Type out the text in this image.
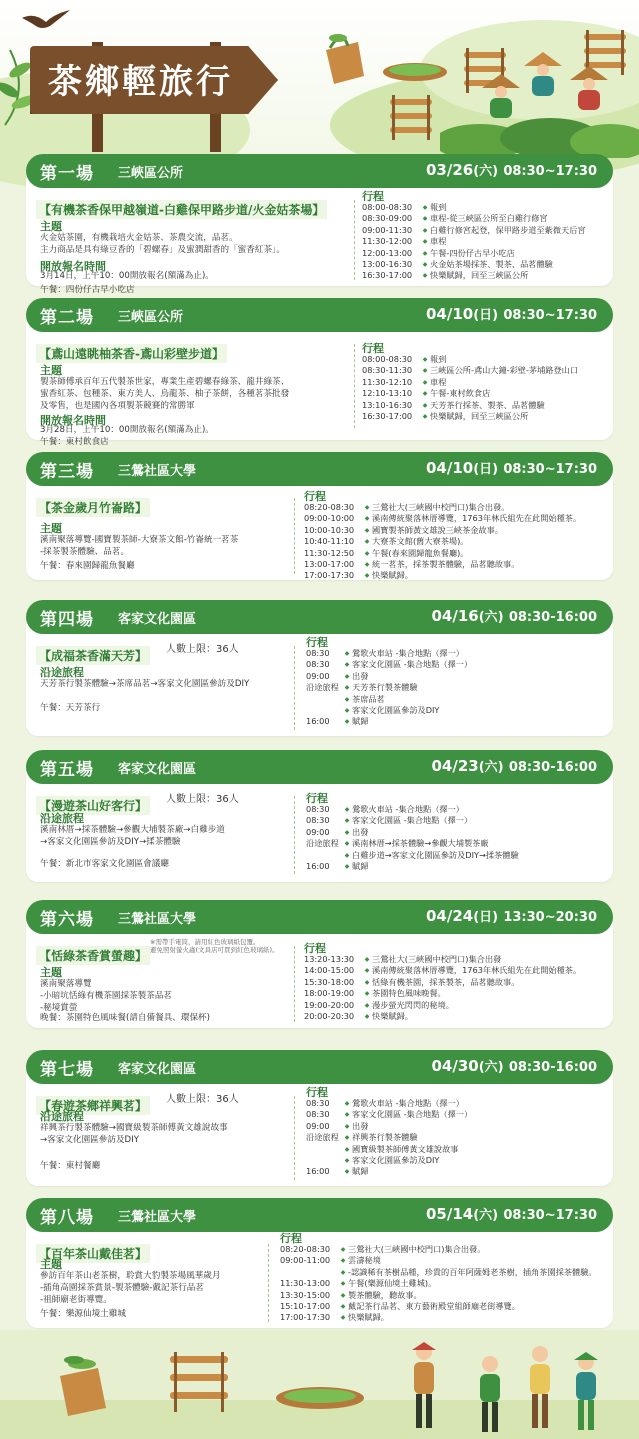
茶鄉輕旅行
第一場 三峽區公所	03/26(六) 08:30~17:30
【有機茶香保甲越嶺道-白雞保甲路步道/火金姑茶場】
主題
火金姑茶園，有機栽培火金姑茶、茶農交流，品茗。
主力商品是具有綠豆香的「碧螺春」及蜜潤甜香的「蜜香紅茶」。
開放報名時間
3月14日，上午10：00開放報名(額滿為止)。
午餐：四份仔古早小吃店
行程
08:00-08:30	◆ 報到
08:30-09:00	◆ 車程-從三峽區公所至白雞行修宮
09:00-11:30	◆ 白雞行修宮起登，保甲路步道至紫微天后宮
11:30-12:00	◆ 車程
12:00-13:00	◆ 午餐-四份仔古早小吃店
13:00-16:30	◆ 火金姑茶場採茶、製茶、品茗體驗
16:30-17:00	◆ 快樂賦歸，回至三峽區公所
第二場 三峽區公所	04/10(日) 08:30~17:30
【鳶山遠眺柚茶香-鳶山彩壁步道】
主題
製茶師傅承百年五代製茶世家，專業生產碧螺春綠茶、龍井綠茶、
蜜香紅茶、包種茶、東方美人、烏龍茶、柚子茶餅，各種茗茶批發
及零售，也是國內各項製茶競賽的常勝軍
開放報名時間
3月28日，上午10：00開放報名(額滿為止)。
午餐：東村飲食店
行程
08:00-08:30	◆ 報到
08:30-11:30	◆ 三峽區公所-鳶山大鐘-彩壁-茅埔路登山口
11:30-12:10	◆ 車程
12:10-13:10	◆ 午餐-東村飲食店
13:10-16:30	◆ 天芳茶行採茶、製茶、品茗體驗
16:30-17:00	◆ 快樂賦歸，回至三峽區公所
第三場 三鶯社區大學	04/10(日) 08:30~17:30
【茶金歲月竹崙路】
主題
溪南聚落導覽-國寶製茶師-大寮茶文館-竹崙統一茗茶
-採茶製茶體驗、品茗。
午餐：春來園歸龍魚餐廳
行程
08:20-08:30	◆ 三鶯社大(三峽國中校門口)集合出發。
09:00-10:00	◆ 溪南傳統聚落林厝導覽，1763年林氏組先在此開始種茶。
10:00-10:30	◆ 國寶製茶師黃文雄說三峽茶金故事。
10:40-11:10	◆ 大寮茶文館(舊大寮茶場)。
11:30-12:50	◆ 午餐(春來園歸龍魚餐廳)。
13:00-17:00	◆ 統一茗茶，採茶製茶體驗，品茗聽故事。
17:00-17:30	◆ 快樂賦歸。
第四場 客家文化園區	04/16(六) 08:30-16:00
【成福茶香滿天芳】	人數上限：36人
沿途旅程
天芳茶行製茶體驗→茶席品茗→客家文化園區參訪及DIY
午餐：天芳茶行
行程
08:30	◆ 鶯歌火車站 -集合地點（擇一）
08:30	◆ 客家文化園區 -集合地點（擇一）
09:00	◆ 出發
沿途旅程 ◆ 天芳茶行製茶體驗
◆ 茶席品茗
◆ 客家文化園區參訪及DIY
16:00	◆ 賦歸
第五場 客家文化園區	04/23(六) 08:30-16:00
【漫遊茶山好客行】	人數上限：36人
沿途旅程
溪南林厝→採茶體驗→參觀大埔製茶廠→白雞步道
→客家文化園區參訪及DIY→揉茶體驗
午餐：新北市客家文化園區會議廳
行程
08:30	◆ 鶯歌火車站 -集合地點（擇一）
08:30	◆ 客家文化園區 -集合地點（擇一）
09:00	◆ 出發
沿途旅程 ◆ 溪南林厝→採茶體驗→參觀大埔製茶廠
◆ 白雞步道→客家文化園區參訪及DIY→揉茶體驗
16:00	◆ 賦歸
第六場 三鶯社區大學	04/24(日) 13:30~20:30
【恬綠茶香賞螢趣】
※需帶手電筒，請用紅色玻璃紙包覆。
避免照射螢火蟲(文具店可買到紅色玻璃紙)。
主題
溪南聚落導覽
-小暗坑恬綠有機茶園採茶製茶品茗
-秘境賞螢
晚餐：茶園特色風味餐(請自備餐具、環保杯)
行程
13:20-13:30	◆ 三鶯社大(三峽國中校門口)集合出發
14:00-15:00	◆ 溪南傳統聚落林厝導覽，1763年林氏組先在此開始種茶。
15:30-18:00	◆ 恬綠有機茶園，採茶製茶，品茗聽故事。
18:00-19:00	◆ 茶園特色風味晚餐。
19:00-20:00	◆ 漫步螢光閃閃的秘境。
20:00-20:30	◆ 快樂賦歸。
第七場 客家文化園區	04/30(六) 08:30-16:00
【春遊茶鄉祥興茗】	人數上限：36人
沿途旅程
祥興茶行製茶體驗→國寶級製茶師傅黃文雄說故事
→客家文化園區參訪及DIY
午餐：東村餐廳
行程
08:30	◆ 鶯歌火車站 -集合地點（擇一）
08:30	◆ 客家文化園區 -集合地點（擇一）
09:00	◆ 出發
沿途旅程 ◆ 祥興茶行製茶體驗
◆ 國寶級製茶師傅黃文雄說故事
◆ 客家文化園區參訪及DIY
16:00	◆ 賦歸
第八場 三鶯社區大學	05/14(六) 08:30~17:30
【百年茶山戴佳茗】
主題
參訪百年茶山老茶樹，聆賞大豹製茶場風華歲月
-插角高園採茶賞景-製茶體驗-戴記茶行品茗
-祖師廟老街導覽。
午餐：樂源仙境土雞城
行程
08:20-08:30	◆ 三鶯社大(三峽國中校門口)集合出發。
09:00-11:00	◆ 雲濤秘境
◆ -認識稀有茶樹品種，珍貴的百年阿薩姆老茶樹，插角茶園採茶體驗。
11:30-13:00	◆ 午餐(樂源仙境土雞城)。
13:30-15:00	◆ 製茶體驗，聽故事。
15:10-17:00	◆ 戴記茶行品茗、東方藝術殿堂組師廟老街導覽。
17:00-17:30	◆ 快樂賦歸。
